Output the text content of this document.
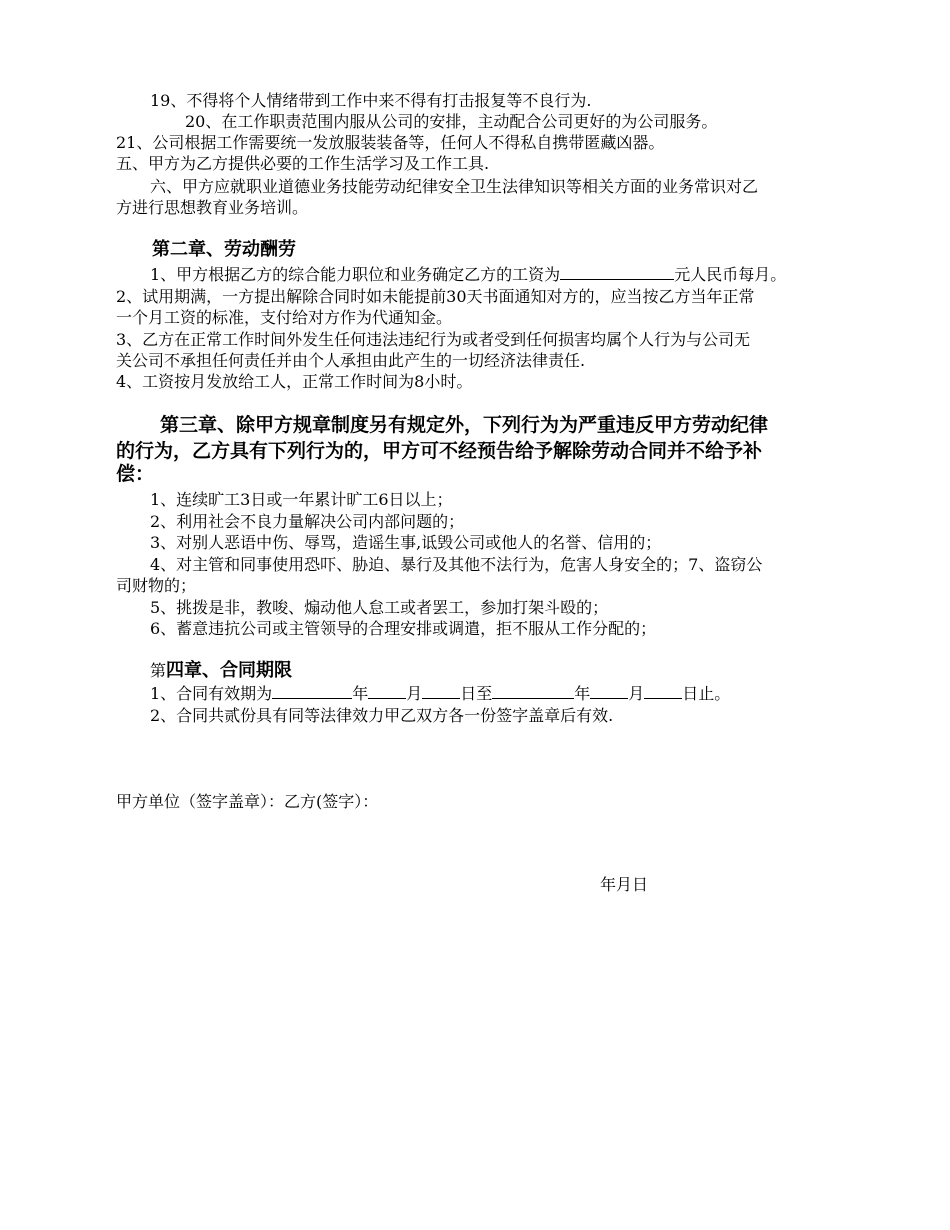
19、不得将个人情绪带到工作中来不得有打击报复等不良行为.
20、在工作职责范围内服从公司的安排，主动配合公司更好的为公司服务。
21、公司根据工作需要统一发放服装装备等，任何人不得私自携带匿藏凶器。
五、甲方为乙方提供必要的工作生活学习及工作工具.
六、甲方应就职业道德业务技能劳动纪律安全卫生法律知识等相关方面的业务常识对乙
方进行思想教育业务培训。
第二章、劳动酬劳
1、甲方根据乙方的综合能力职位和业务确定乙方的工资为	元人民币每月。
2、试用期满，一方提出解除合同时如未能提前30天书面通知对方的，应当按乙方当年正常
一个月工资的标准，支付给对方作为代通知金。
3、乙方在正常工作时间外发生任何违法违纪行为或者受到任何损害均属个人行为与公司无
关公司不承担任何责任并由个人承担由此产生的一切经济法律责任.
4、工资按月发放给工人，正常工作时间为8小时。
第三章、除甲方规章制度另有规定外，下列行为为严重违反甲方劳动纪律
的行为，乙方具有下列行为的，甲方可不经预告给予解除劳动合同并不给予补
偿：
1、连续旷工3日或一年累计旷工6日以上；
2、利用社会不良力量解决公司内部问题的；
3、对别人恶语中伤、辱骂，造谣生事,诋毁公司或他人的名誉、信用的；
4、对主管和同事使用恐吓、胁迫、暴行及其他不法行为，危害人身安全的；7、盗窃公
司财物的；
5、挑拨是非，教唆、煽动他人怠工或者罢工，参加打架斗殴的；
6、蓄意违抗公司或主管领导的合理安排或调遣，拒不服从工作分配的；
第四章、合同期限
1、合同有效期为	年 月 日至	年 月 日止。
2、合同共贰份具有同等法律效力甲乙双方各一份签字盖章后有效.
甲方单位（签字盖章）：乙方(签字）：
年月日
